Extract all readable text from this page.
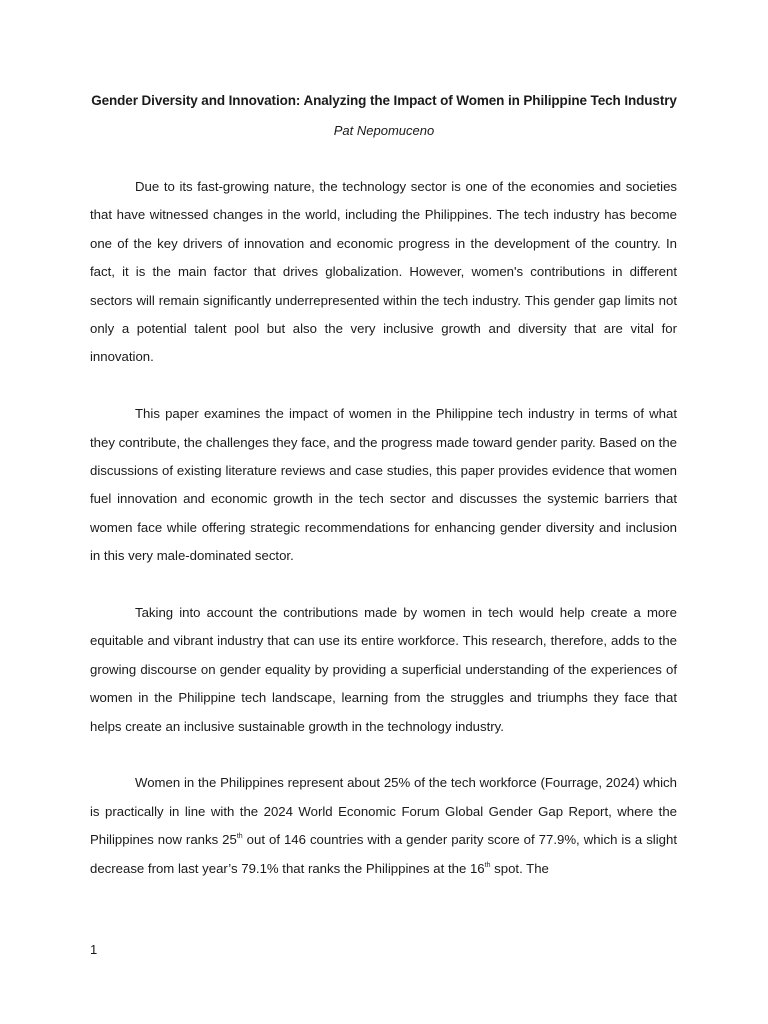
Gender Diversity and Innovation: Analyzing the Impact of Women in Philippine Tech Industry
Pat Nepomuceno

Due to its fast-growing nature, the technology sector is one of the economies and societies that have witnessed changes in the world, including the Philippines. The tech industry has become one of the key drivers of innovation and economic progress in the development of the country. In fact, it is the main factor that drives globalization. However, women's contributions in different sectors will remain significantly underrepresented within the tech industry. This gender gap limits not only a potential talent pool but also the very inclusive growth and diversity that are vital for innovation.

This paper examines the impact of women in the Philippine tech industry in terms of what they contribute, the challenges they face, and the progress made toward gender parity. Based on the discussions of existing literature reviews and case studies, this paper provides evidence that women fuel innovation and economic growth in the tech sector and discusses the systemic barriers that women face while offering strategic recommendations for enhancing gender diversity and inclusion in this very male-dominated sector.

Taking into account the contributions made by women in tech would help create a more equitable and vibrant industry that can use its entire workforce. This research, therefore, adds to the growing discourse on gender equality by providing a superficial understanding of the experiences of women in the Philippine tech landscape, learning from the struggles and triumphs they face that helps create an inclusive sustainable growth in the technology industry.

Women in the Philippines represent about 25% of the tech workforce (Fourrage, 2024) which is practically in line with the 2024 World Economic Forum Global Gender Gap Report, where the Philippines now ranks 25th out of 146 countries with a gender parity score of 77.9%, which is a slight decrease from last year’s 79.1% that ranks the Philippines at the 16th spot. The

1
